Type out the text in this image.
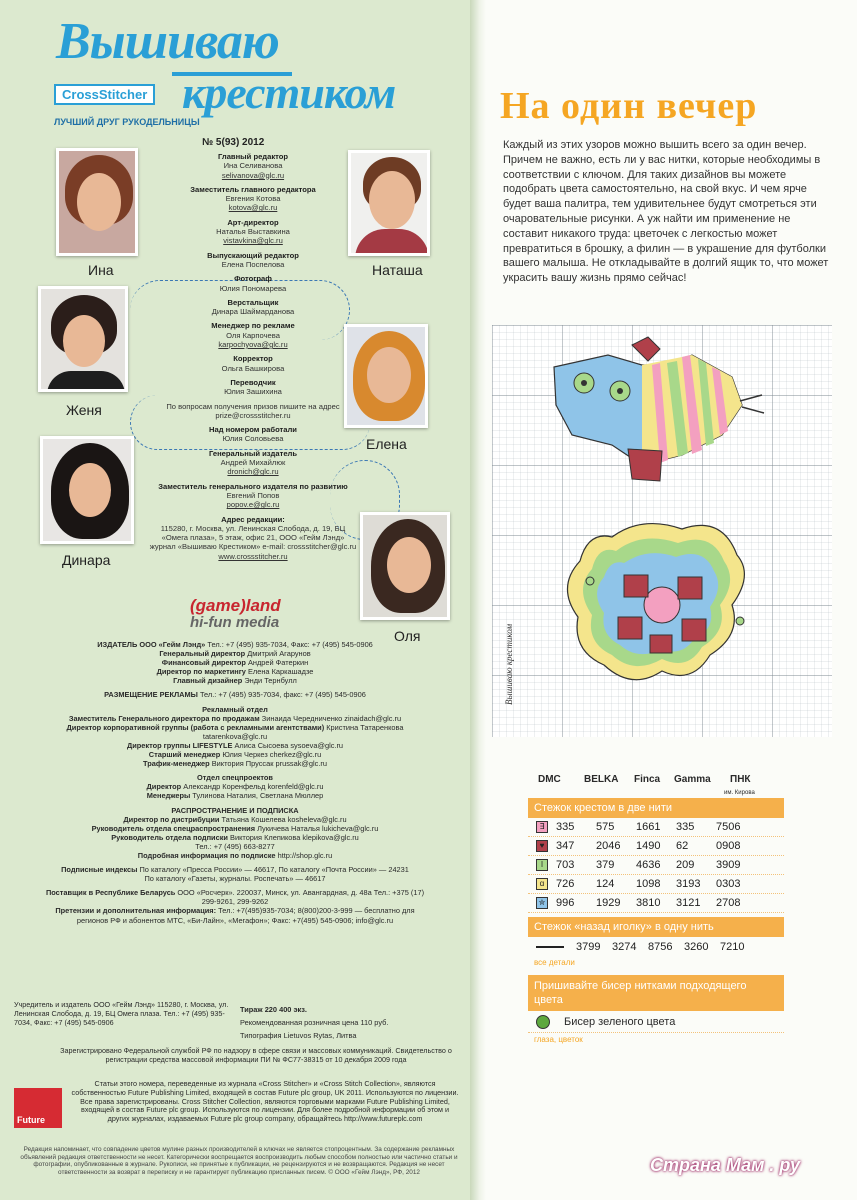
Вышиваю
CrossStitcher крестиком
ЛУЧШИЙ ДРУГ РУКОДЕЛЬНИЦЫ
№ 5(93) 2012
Главный редактор
Ина Селиванова
selivanova@glc.ru
Заместитель главного редактора
Евгения Котова
kotova@glc.ru
Арт-директор
Наталья Выставкина
vistavkina@glc.ru
Выпускающий редактор
Елена Поспелова
Фотограф
Юлия Пономарева
Верстальщик
Динара Шаймарданова
Менеджер по рекламе
Оля Карпочева
karpochyova@glc.ru
Корректор
Ольга Башкирова
Переводчик
Юлия Зашихина
По вопросам получения призов пишите на адрес prize@crossstitcher.ru
Над номером работали
Юлия Соловьева
Генеральный издатель
Андрей Михайлюк
dronich@glc.ru
Заместитель генерального издателя по развитию
Евгений Попов
popov.e@glc.ru
Адрес редакции:
115280, г. Москва, ул. Ленинская Слобода, д. 19, БЦ «Омега плаза», 5 этаж, офис 21, ООО «Гейм Лэнд» журнал «Вышиваю Крестиком» e-mail: crossstitcher@glc.ru
www.crossstitcher.ru
Ина	Наташа
Женя
Елена
Динара
Оля
(game)land
hi-fun media
ИЗДАТЕЛЬ ООО «Гейм Лэнд» Тел.: +7 (495) 935-7034, Факс: +7 (495) 545-0906
Генеральный директор Дмитрий Агарунов
Финансовый директор Андрей Фатеркин
Директор по маркетингу Елена Каркашадзе
Главный дизайнер Энди Тернбулл
РАЗМЕЩЕНИЕ РЕКЛАМЫ Тел.: +7 (495) 935-7034, факс: +7 (495) 545-0906
Рекламный отдел
Заместитель Генерального директора по продажам Зинаида Чередниченко zinaidach@glc.ru
Директор корпоративной группы (работа с рекламными агентствами) Кристина Татаренкова tatarenkova@glc.ru
Директор группы LIFESTYLE Алиса Сысоева sysoeva@glc.ru
Старший менеджер Юлия Черкез cherkez@glc.ru
Трафик-менеджер Виктория Пруссак prussak@glc.ru
Отдел спецпроектов
Директор Александр Коренфельд korenfeld@glc.ru
Менеджеры Тулинова Наталия, Светлана Мюллер
РАСПРОСТРАНЕНИЕ И ПОДПИСКА
Директор по дистрибуции Татьяна Кошелева kosheleva@glc.ru
Руководитель отдела спецраспространения Лукичева Наталья lukicheva@glc.ru
Руководитель отдела подписки Виктория Клепикова klepikova@glc.ru
Тел.: +7 (495) 663-8277
Подробная информация по подписке http://shop.glc.ru
Подписные индексы По каталогу «Пресса России» — 46617, По каталогу «Почта России» — 24231
По каталогу «Газеты, журналы. Роспечать» — 46617
Поставщик в Республике Беларусь ООО «Росчерк». 220037, Минск, ул. Авангардная, д. 48а Тел.: +375 (17) 299-9261, 299-9262
Претензии и дополнительная информация: Тел.: +7(495)935-7034; 8(800)200-3-999 — бесплатно для регионов РФ и абонентов МТС, «Би-Лайн», «Мегафон»; Факс: +7(495) 545-0906; info@glc.ru
Учредитель и издатель ООО «Гейм Лэнд» 115280, г. Москва, ул. Ленинская Слобода, д. 19, БЦ Омега плаза. Тел.: +7 (495) 935-7034, Факс: +7 (495) 545-0906
Тираж 220 400 экз.
Рекомендованная розничная цена 110 руб.
Типография Lietuvos Rytas, Литва
Зарегистрировано Федеральной службой РФ по надзору в сфере связи и массовых коммуникаций. Свидетельство о регистрации средства массовой информации ПИ № ФС77-38315 от 10 декабря 2009 года
Future
Статьи этого номера, переведенные из журнала «Cross Stitcher» и «Cross Stitch Collection», являются собственностью Future Publishing Limited, входящей в состав Future plc group, UK 2011. Используются по лицензии. Все права зарегистрированы. Cross Stitcher Collection, являются торговыми марками Future Publishing Limited, входящей в состав Future plc group. Используются по лицензии. Для более подробной информации об этом и других журналах, издаваемых Future plc group company, обращайтесь http://www.futureplc.com
Редакция напоминает, что совпадение цветов мулине разных производителей в ключах не является стопроцентным. За содержание рекламных объявлений редакция ответственности не несет. Категорически воспрещается воспроизводить любым способом полностью или частично статьи и фотографии, опубликованные в журнале. Рукописи, не принятые к публикации, не рецензируются и не возвращаются. Редакция не несет ответственности за возврат в переписку и не гарантирует публикацию присланных писем. © ООО «Гейм Лэнд», РФ, 2012
На один вечер
Каждый из этих узоров можно вышить всего за один вечер. Причем не важно, есть ли у вас нитки, которые необходимы в соответствии с ключом. Для таких дизайнов вы можете подобрать цвета самостоятельно, на свой вкус. И чем ярче будет ваша палитра, тем удивительнее будут смотреться эти очаровательные рисунки. А уж найти им применение не составит никакого труда: цветочек с легкостью может превратиться в брошку, а филин — в украшение для футболки вашего малыша. Не откладывайте в долгий ящик то, что может украсить вашу жизнь прямо сейчас!
Вышиваю крестиком
DMC BELKA Finca Gamma ПНК
им. Кирова
Стежок крестом в две нити
∃	335	575	1661	335	7506
♥	347	2046	1490	62	0908
Ɩ	703	379	4636	209	3909
ɑ	726	124	1098	3193	0303
✮ 996	1929	3810	3121	2708
Стежок «назад иголку» в одну нить
3799 3274 8756 3260 7210
все детали
Пришивайте бисер нитками подходящего цвета
Бисер зеленого цвета
глаза, цветок
Страна Мам . ру
